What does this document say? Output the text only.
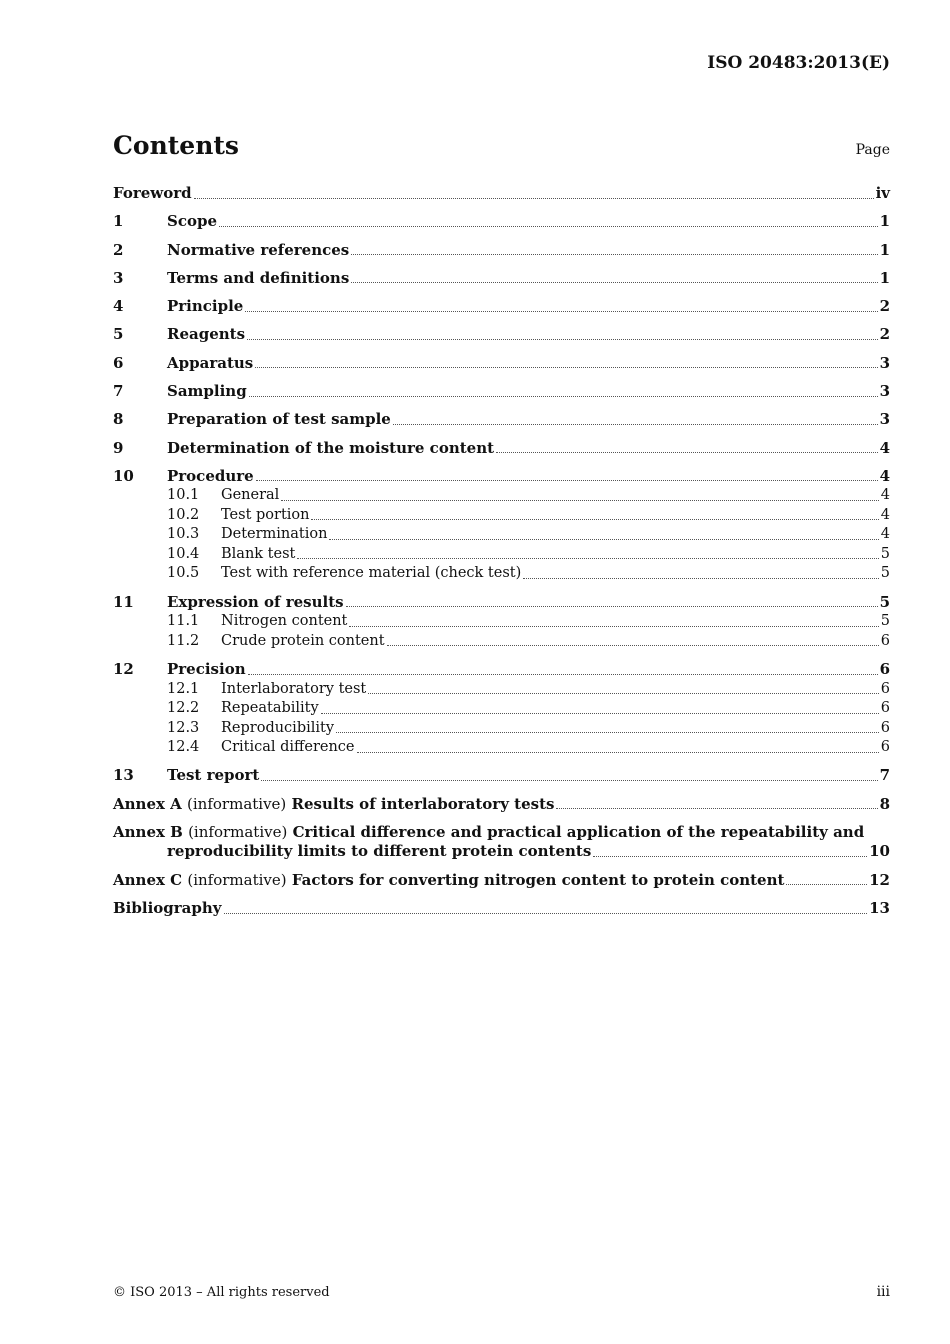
ISO 20483:2013(E)
Contents	Page
Foreword	iv
1	Scope	1
2	Normative references	1
3	Terms and definitions	1
4	Principle	2
5	Reagents	2
6	Apparatus	3
7	Sampling	3
8	Preparation of test sample	3
9	Determination of the moisture content	4
10	Procedure	4
10.1	General	4
10.2	Test portion	4
10.3	Determination	4
10.4	Blank test	5
10.5	Test with reference material (check test)	5
11	Expression of results	5
11.1	Nitrogen content	5
11.2	Crude protein content	6
12	Precision	6
12.1	Interlaboratory test	6
12.2	Repeatability	6
12.3	Reproducibility	6
12.4	Critical difference	6
13	Test report	7
Annex A (informative) Results of interlaboratory tests	8
Annex B (informative) Critical difference and practical application of the repeatability and
reproducibility limits to different protein contents	10
Annex C (informative) Factors for converting nitrogen content to protein content	12
Bibliography	13
© ISO 2013 – All rights reserved	iii
